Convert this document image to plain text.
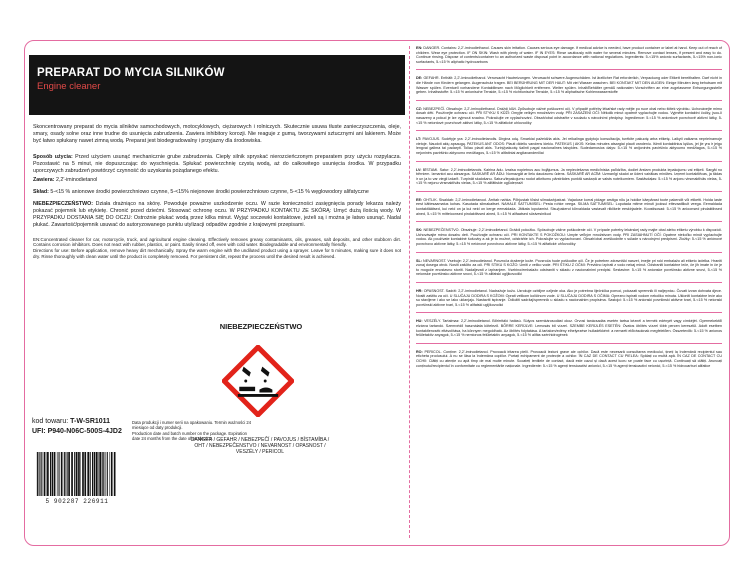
PREPARAT DO MYCIA SILNIKÓW
Engine cleaner
Skoncentrowany preparat do mycia silników samochodowych, motocyklowych, ciężarowych i rolniczych. Skutecznie usuwa tłuste zanieczyszczenia, oleje, smary, osady solne oraz inne trudne do usunięcia zabrudzenia. Zawiera inhibitory korozji. Nie reaguje z gumą, tworzywami sztucznymi ani lakierem. Może być łatwo spłukany nawet zimną wodą. Preparat jest biodegradowalny i przyjazny dla środowiska.
Sposób użycia: Przed użyciem usunąć mechanicznie grube zabrudzenia. Ciepły silnik spryskać nierozcieńczonym preparatem przy użyciu rozpylacza. Pozostawić na 5 minut, nie dopuszczając do wyschnięcia. Spłukać powierzchnię czystą wodą, aż do całkowitego usunięcia środka. W przypadku uporczywych zabrudzeń powtórzyć czynność do uzyskania pożądanego efektu.
Zawiera: 2,2'-iminodietanol
Skład: 5-<15 % anionowe środki powierzchniowo czynne, 5-<15% niejonowe środki powierzchniowo czynne, 5-<15 % węglowodory alifatyczne
NIEBEZPIECZEŃSTWO: Działa drażniąco na skórę. Powoduje poważne uszkodzenie oczu. W razie konieczności zasięgnięcia porady lekarza należy pokazać pojemnik lub etykietę. Chronić przed dziećmi. Stosować ochronę oczu. W PRZYPADKU KONTAKTU ZE SKÓRĄ: Umyć dużą ilością wody. W PRZYPADKU DOSTANIA SIĘ DO OCZU: Ostrożnie płukać wodą przez kilka minut. Wyjąć soczewki kontaktowe, jeżeli są i można je łatwo usunąć. Nadal płukać. Zawartość/pojemnik usuwać do autoryzowanego punktu utylizacji odpadów zgodnie z krajowymi przepisami.
EN:Concentrated cleaner for car, motorcycle, truck, and agricultural engine cleaning. Effectively removes greasy contaminants, oils, greases, salt deposits, and other stubborn dirt. Contains corrosion inhibitors. Does not react with rubber, plastics, or paint. Easily rinsed off, even with cold water. Biodegradable and environmentally friendly.
Directions for use: Before application, remove heavy dirt mechanically. Spray the warm engine with the undiluted product using a sprayer. Leave for 5 minutes, making sure it does not dry. Rinse thoroughly with clean water until the product is completely removed. For persistent dirt, repeat the process until the desired result is achieved.
NIEBEZPIECZEŃSTWO
DANGER / GEFAHR / NEBEZPEČÍ / PAVOJUS / BĪSTAMĪBA / OHT / NEBEZPEČENSTVO / NEVARNOST / OPASNOST / VESZÉLY / PERICOL
kod towaru: T-W-SR1011
UFI: P940-N06C-500S-4JD2
Data produkcji i numer serii na opakowaniu. Termin ważności 24 miesiące od daty produkcji.
Production date and batch number on the package. Expiration date 24 months from the date of production.
5 902287 226911
EN: DANGER. Contains: 2,2'-iminodiethanol. Causes skin irritation. Causes serious eye damage. If medical advice is needed, have product container or label at hand. Keep out of reach of children. Wear eye protection. IF ON SKIN: Wash with plenty of water. IF IN EYES: Rinse cautiously with water for several minutes. Remove contact lenses, if present and easy to do. Continue rinsing. Dispose of contents/container to an authorized waste disposal point in accordance with national regulations. Ingredients: 5-<15% anionic surfactants, 5-<15% non-ionic surfactants, 5-<15 % aliphatic hydrocarbons
DE: GEFAHR. Enthält: 2,2'-Iminodiethanol. Verursacht Hautreizungen. Verursacht schwere Augenschäden. Ist ärztlicher Rat erforderlich, Verpackung oder Etikett bereithalten. Darf nicht in die Hände von Kindern gelangen. Augenschutz tragen. BEI BERÜHRUNG MIT DER HAUT: Mit viel Wasser waschen. BEI KONTAKT MIT DEN AUGEN: Einige Minuten lang behutsam mit Wasser spülen. Eventuell vorhandene Kontaktlinsen nach Möglichkeit entfernen. Weiter spülen. Inhalt/Behälter gemäß nationalen Vorschriften an eine zugelassene Entsorgungsstelle geben. Inhaltsstoffe: 5-<15 % anionische Tenside, 5-<15 % nichtionische Tenside, 5-<15 % aliphatische Kohlenwasserstoffe
CZ: NEBEZPEČÍ. Obsahuje: 2,2'-iminodiethanol. Dráždí kůži. Způsobuje vážné poškození očí. V případě potřeby lékařské rady mějte po ruce obal nebo štítek výrobku. Uchovávejte mimo dosah dětí. Používejte ochranu očí. PŘI STYKU S KŮŽÍ: Omyjte velkým množstvím vody. PŘI ZASAŽENÍ OČÍ: Několik minut opatrně vyplachujte vodou. Vyjměte kontaktní čočky, jsou-li nasazeny a pokud je lze vyjmout snadno. Pokračujte ve vyplachování. Obsah/obal odstraňte v souladu s národními předpisy. Ingredience: 5-<15 % aniontové povrchově aktivní látky, 5-<15 % neiontové povrchově aktivní látky, 5-<15 % alifatické uhlovodíky
LT: PAVOJUS. Sudėtyje yra: 2,2'-iminodietanolis. Dirgina odą. Smarkiai pažeidžia akis. Jei reikalinga gydytojo konsultacija, turėkite pakuotę arba etiketę. Laikyti vaikams neprieinamoje vietoje. Naudoti akių apsaugą. PATEKUS ANT ODOS: Plauti dideliu vandens kiekiu. PATEKUS Į AKIS: Kelias minutes atsargiai plauti vandeniu. Išimti kontaktinius lęšius, jei jie yra ir jeigu lengvai galima tai padaryti. Toliau plauti akis. Turinį/pakuotę šalinti pagal nacionalines taisykles. Sudedamosios dalys: 5-<15 % anijoninės paviršinio aktyvumo medžiagos, 5-<15 % nejoninės paviršinio aktyvumo medžiagos, 5-<15 % alifatiniai angliavandeniliai
LV: BĪSTAMI. Satur: 2,2'-iminodietanols. Kairina ādu. Izraisa nopietnus acu bojājumus. Ja nepieciešama medicīniska palīdzība, dodiet ārstam produkta iepakojumu vai etiķeti. Sargāt no bērniem. Izmantot acu aizsargus. SASKARĒ AR ĀDU: Nomazgāt ar lielu daudzumu ūdens. SASKARĒ AR ACĪM: Uzmanīgi skalot ar ūdeni vairākas minūtes. Izņemt kontaktlēcas, ja tādas ir un ja to var viegli izdarīt. Turpināt skalošanu. Saturu/iepakojumu nodot atkritumu pārstrādes punktā saskaņā ar valsts noteikumiem. Sastāvdaļas: 5-<15 % anjonu virsmaktīvās vielas, 5-<15 % nejonu virsmaktīvās vielas, 5-<15 % alifātiskie ogļūdeņraži
EE: OHTLIK. Sisaldab: 2,2'-iminodietanool. Ärritab nahka. Põhjustab tõsist silmakahjustust. Vajaduse korral pidage arstiga nõu ja hoidke käepärast toote pakendit või etiketti. Hoida laste eest kättesaamatus kohas. Kasutada silmakaitset. NAHALE SATTUMISEL: Pesta rohke veega. SILMA SATTUMISEL: Loputada mitme minuti jooksul ettevaatlikult veega. Eemaldada kontaktläätsed, kui neid on ja kui neid on kerge eemaldada. Jätkata loputamist. Sisu/pakend kõrvaldada vastavalt riiklikele eeskirjadele. Koostisosad: 5-<15 % anioonsed pindaktiivsed ained, 5-<15 % mitteioonsed pindaktiivsed ained, 5-<15 % alifaatsed süsivesinikud
SK: NEBEZPEČENSTVO. Obsahuje: 2,2'-iminodietanol. Dráždi pokožku. Spôsobuje vážne poškodenie očí. V prípade potreby lekárskej rady majte obal alebo etiketu výrobku k dispozícii. Uchovávajte mimo dosahu detí. Používajte ochranu očí. PRI KONTAKTE S POKOŽKOU: Umyte veľkým množstvom vody. PRI ZASIAHNUTÍ OČÍ: Opatrne niekoľko minút vyplachujte vodou. Ak používate kontaktné šošovky a ak je to možné, odstráňte ich. Pokračujte vo vyplachovaní. Obsah/obal zneškodnite v súlade s národnými predpismi. Zložky: 5-<15 % aniónové povrchovo aktívne látky, 5-<15 % neiónové povrchovo aktívne látky, 5-<15 % alifatické uhľovodíky
SL: NEVARNOST. Vsebuje: 2,2'-iminodietanol. Povzroča draženje kože. Povzroča hude poškodbe oči. Če je potreben zdravniški nasvet, imejte pri roki embalažo ali etiketo izdelka. Hraniti zunaj dosega otrok. Nositi zaščito za oči. PRI STIKU S KOŽO: Umiti z veliko vode. PRI STIKU Z OČMI: Previdno izpirati z vodo nekaj minut. Odstraniti kontaktne leče, če jih imate in če je to mogoče enostavno storiti. Nadaljevati z izpiranjem. Vsebino/embalažo odstraniti v skladu z nacionalnimi predpisi. Sestavine: 5-<15 % anionske površinsko aktivne snovi, 5-<15 % neionske površinsko aktivne snovi, 5-<15 % alifatski ogljikovodiki
HR: OPASNOST. Sadrži: 2,2'-iminodietanol. Nadražuje kožu. Uzrokuje ozbiljne ozljede oka. Ako je potrebna liječnička pomoć, pokazati spremnik ili naljepnicu. Čuvati izvan dohvata djece. Nositi zaštitu za oči. U SLUČAJU DODIRA S KOŽOM: Oprati velikom količinom vode. U SLUČAJU DODIRA S OČIMA: Oprezno ispirati vodom nekoliko minuta. Ukloniti kontaktne leće ako su stavljene i ako se lako uklanjaju. Nastaviti ispiranje. Odložiti sadržaj/spremnik u skladu s nacionalnim propisima. Sastojci: 5-<15 % anionski površinski aktivne tvari, 5-<15 % neionski površinski aktivne tvari, 5-<15 % alifatski ugljikovodici
HU: VESZÉLY. Tartalmaz: 2,2'-iminodietanol. Bőrirritáló hatású. Súlyos szemkárosodást okoz. Orvosi tanácsadás esetén tartsa kéznél a termék edényét vagy címkéjét. Gyermekektől elzárva tartandó. Szemvédő használata kötelező. BŐRRE KERÜLVE: Lemosás bő vízzel. SZEMBE KERÜLÉS ESETÉN: Óvatos öblítés vízzel több percen keresztül. Adott esetben kontaktlencsék eltávolítása, ha könnyen megoldható. Az öblítés folytatása. A tartalom/edény elhelyezése hulladékként: a nemzeti előírásoknak megfelelően. Összetevők: 5-<15 % anionos felületaktív anyagok, 5-<15 % nemionos felületaktív anyagok, 5-<15 % alifás szénhidrogének
RO: PERICOL. Conține: 2,2'-iminodietanol. Provoacă iritarea pielii. Provoacă leziuni grave ale ochilor. Dacă este necesară consultarea medicului, țineți la îndemână recipientul sau eticheta produsului. A nu se lăsa la îndemâna copiilor. Purtați echipament de protecție a ochilor. ÎN CAZ DE CONTACT CU PIELEA: Spălați cu multă apă. ÎN CAZ DE CONTACT CU OCHII: Clătiți cu atenție cu apă timp de mai multe minute. Scoateți lentilele de contact, dacă este cazul și dacă acest lucru se poate face cu ușurință. Continuați să clătiți. Aruncați conținutul/recipientul în conformitate cu reglementările naționale. Ingrediente: 5-<15 % agenți tensioactivi anionici, 5-<15 % agenți tensioactivi neionici, 5-<15 % hidrocarburi alifatice
